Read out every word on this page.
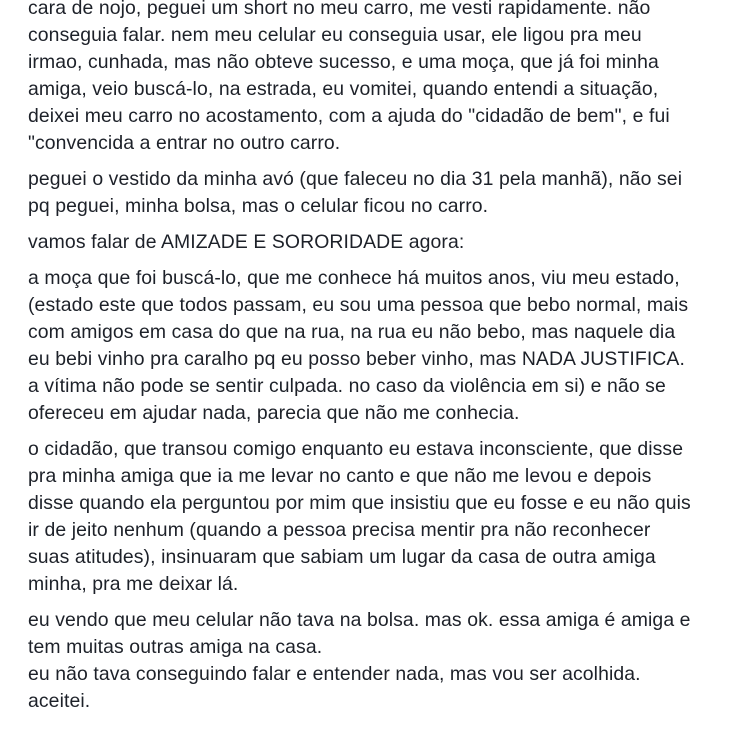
cara de nojo, peguei um short no meu carro, me vesti rapidamente. não
conseguia falar. nem meu celular eu conseguia usar, ele ligou pra meu
irmao, cunhada, mas não obteve sucesso, e uma moça, que já foi minha
amiga, veio buscá-lo, na estrada, eu vomitei, quando entendi a situação,
deixei meu carro no acostamento, com a ajuda do "cidadão de bem", e fui
"convencida a entrar no outro carro.
peguei o vestido da minha avó (que faleceu no dia 31 pela manhã), não sei
pq peguei, minha bolsa, mas o celular ficou no carro.
vamos falar de AMIZADE E SORORIDADE agora:
a moça que foi buscá-lo, que me conhece há muitos anos, viu meu estado,
(estado este que todos passam, eu sou uma pessoa que bebo normal, mais
com amigos em casa do que na rua, na rua eu não bebo, mas naquele dia
eu bebi vinho pra caralho pq eu posso beber vinho, mas NADA JUSTIFICA.
a vítima não pode se sentir culpada. no caso da violência em si) e não se
ofereceu em ajudar nada, parecia que não me conhecia.
o cidadão, que transou comigo enquanto eu estava inconsciente, que disse
pra minha amiga que ia me levar no canto e que não me levou e depois
disse quando ela perguntou por mim que insistiu que eu fosse e eu não quis
ir de jeito nenhum (quando a pessoa precisa mentir pra não reconhecer
suas atitudes), insinuaram que sabiam um lugar da casa de outra amiga
minha, pra me deixar lá.
eu vendo que meu celular não tava na bolsa. mas ok. essa amiga é amiga e
tem muitas outras amiga na casa.
eu não tava conseguindo falar e entender nada, mas vou ser acolhida.
aceitei.
